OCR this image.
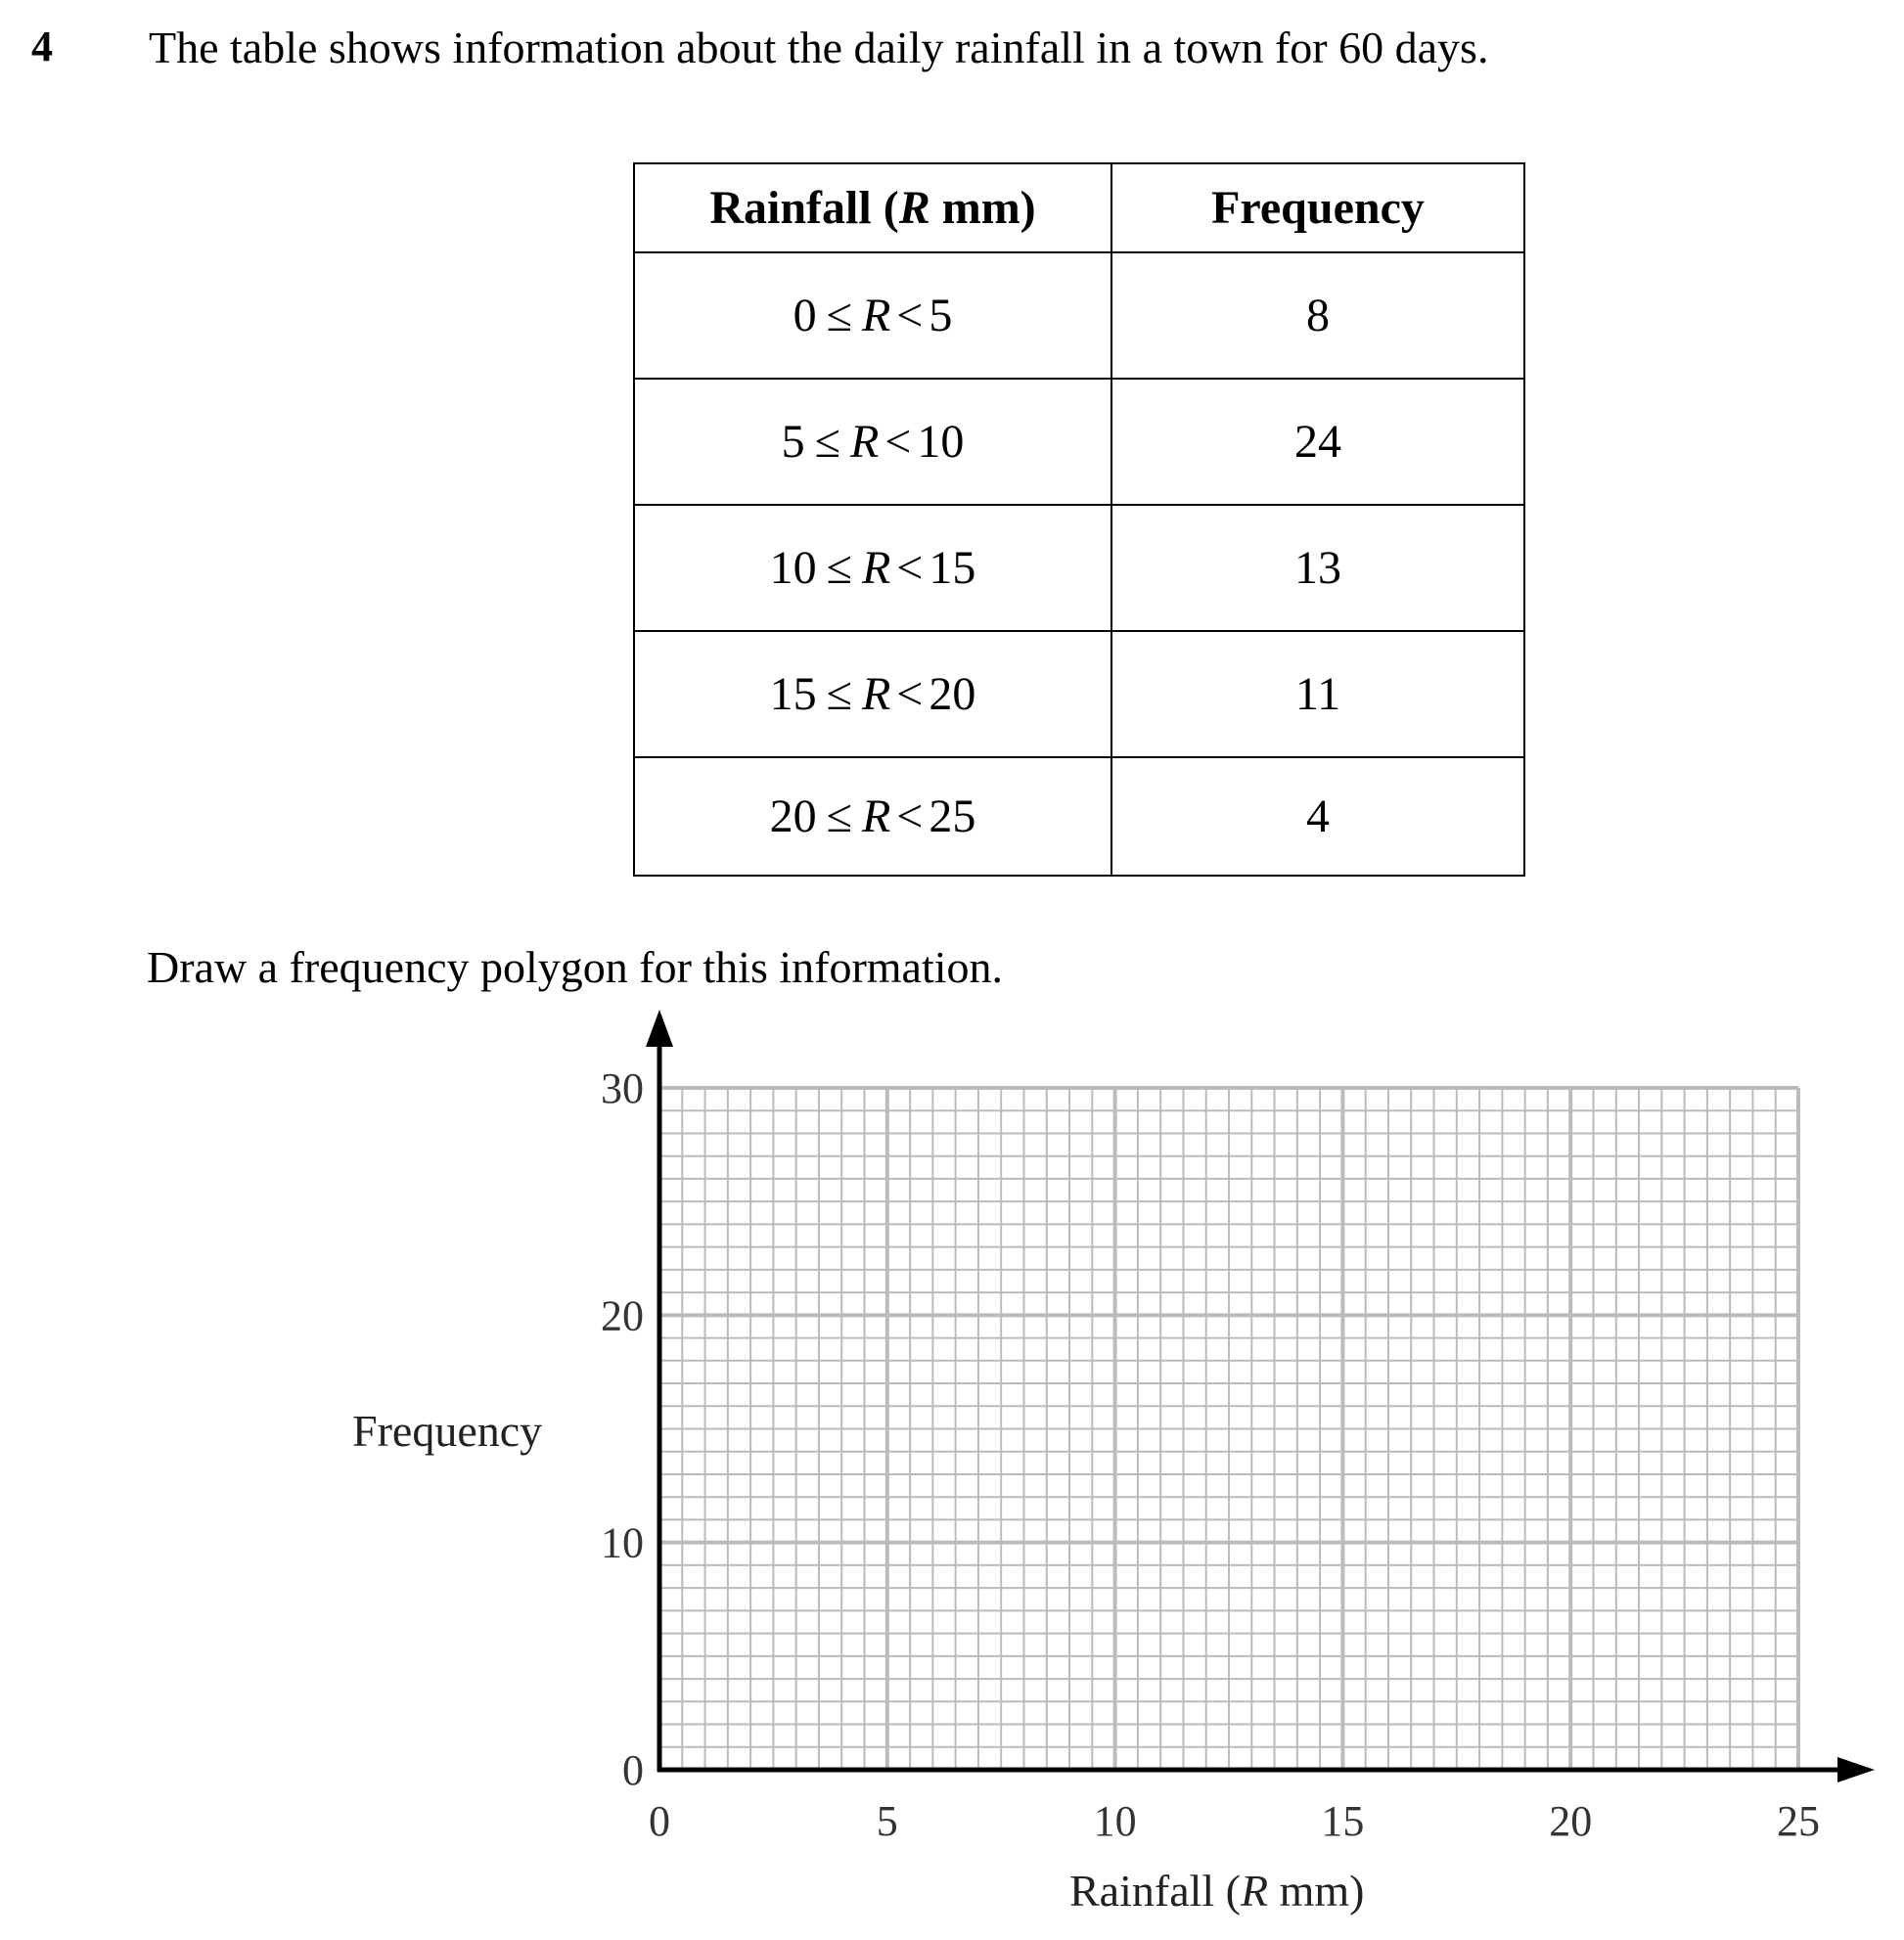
4 The table shows information about the daily rainfall in a town for 60 days.
Rainfall (R mm)	Frequency
0 ≤ R < 5	8
5 ≤ R < 10	24
10 ≤ R < 15	13
15 ≤ R < 20	11
20 ≤ R < 25	4
Draw a frequency polygon for this information.
0	5	10	15	20	25
0
10
20
30
Frequency
Rainfall (R mm)
